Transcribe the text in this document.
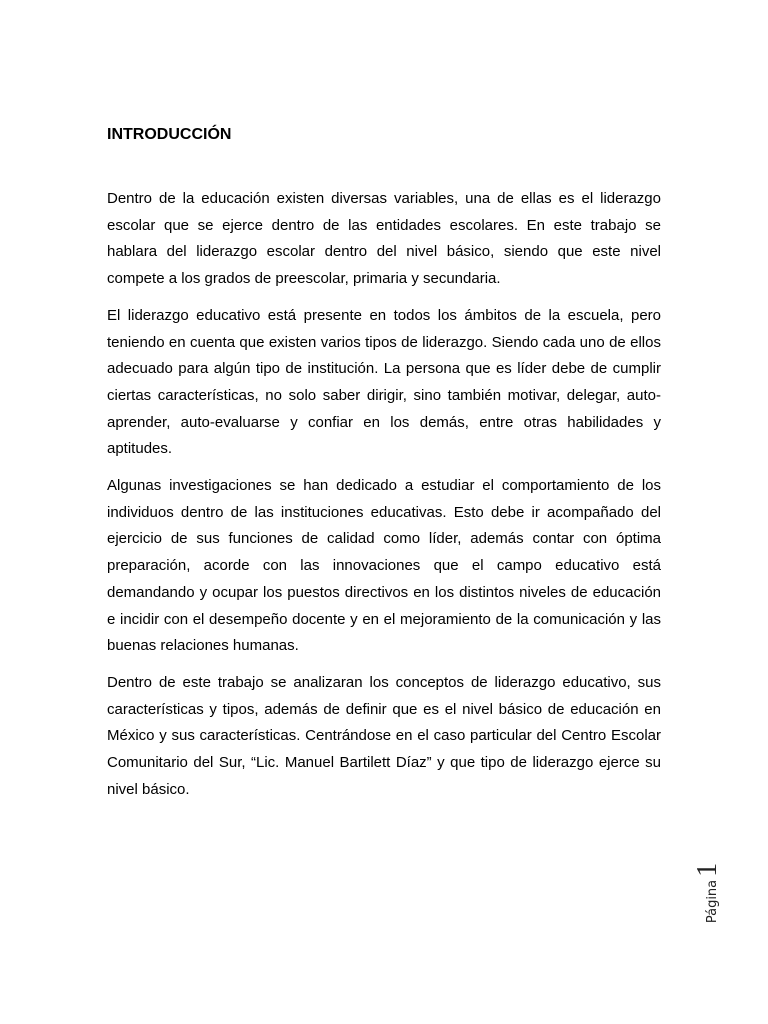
INTRODUCCIÓN

Dentro de la educación existen diversas variables, una de ellas es el liderazgo escolar que se ejerce dentro de las entidades escolares. En este trabajo se hablara del liderazgo escolar dentro del nivel básico, siendo que este nivel compete a los grados de preescolar, primaria y secundaria.

El liderazgo educativo está presente en todos los ámbitos de la escuela, pero teniendo en cuenta que existen varios tipos de liderazgo. Siendo cada uno de ellos adecuado para algún tipo de institución. La persona que es líder debe de cumplir ciertas características, no solo saber dirigir, sino también motivar, delegar, auto-aprender, auto-evaluarse y confiar en los demás, entre otras habilidades y aptitudes.

Algunas investigaciones se han dedicado a estudiar el comportamiento de los individuos dentro de las instituciones educativas. Esto debe ir acompañado del ejercicio de sus funciones de calidad como líder, además contar con óptima preparación, acorde con las innovaciones que el campo educativo está demandando y ocupar los puestos directivos en los distintos niveles de educación e incidir con el desempeño docente y en el mejoramiento de la comunicación y las buenas relaciones humanas.

Dentro de este trabajo se analizaran los conceptos de liderazgo educativo, sus características y tipos, además de definir que es el nivel básico de educación en México y sus características. Centrándose en el caso particular del Centro Escolar Comunitario del Sur, “Lic. Manuel Bartilett Díaz” y que tipo de liderazgo ejerce su nivel básico.

Página
1
